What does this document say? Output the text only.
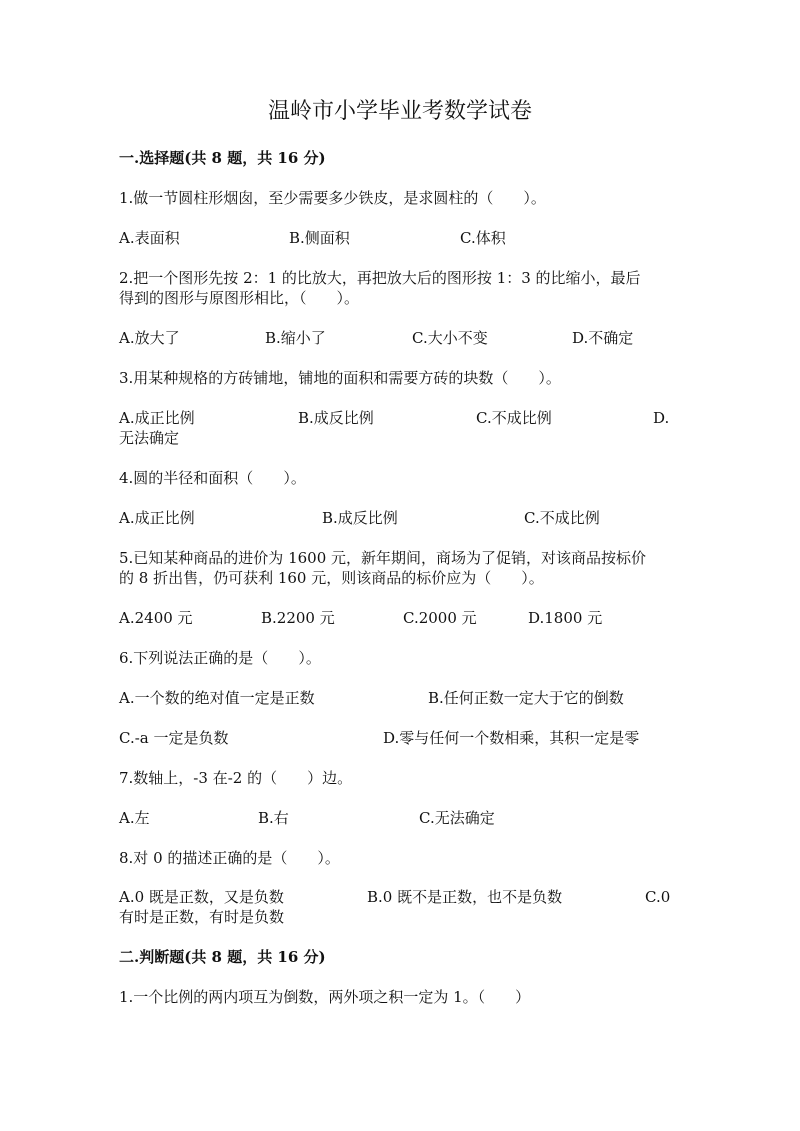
温岭市小学毕业考数学试卷
一.选择题(共 8 题，共 16 分)
1.做一节圆柱形烟囱，至少需要多少铁皮，是求圆柱的（　　）。
A.表面积	B.侧面积	C.体积
2.把一个图形先按 2：1 的比放大，再把放大后的图形按 1：3 的比缩小，最后
得到的图形与原图形相比，（　　）。
A.放大了	B.缩小了	C.大小不变	D.不确定
3.用某种规格的方砖铺地，铺地的面积和需要方砖的块数（　　）。
A.成正比例	B.成反比例	C.不成比例	D.
无法确定
4.圆的半径和面积（　　）。
A.成正比例	B.成反比例	C.不成比例
5.已知某种商品的进价为 1600 元，新年期间，商场为了促销，对该商品按标价
的 8 折出售，仍可获利 160 元，则该商品的标价应为（　　）。
A.2400 元	B.2200 元	C.2000 元	D.1800 元
6.下列说法正确的是（　　）。
A.一个数的绝对值一定是正数	B.任何正数一定大于它的倒数
C.-a 一定是负数	D.零与任何一个数相乘，其积一定是零
7.数轴上，-3 在-2 的（　　）边。
A.左	B.右	C.无法确定
8.对 0 的描述正确的是（　　）。
A.0 既是正数，又是负数	B.0 既不是正数，也不是负数	C.0
有时是正数，有时是负数
二.判断题(共 8 题，共 16 分)
1.一个比例的两内项互为倒数，两外项之积一定为 1。（　　）
